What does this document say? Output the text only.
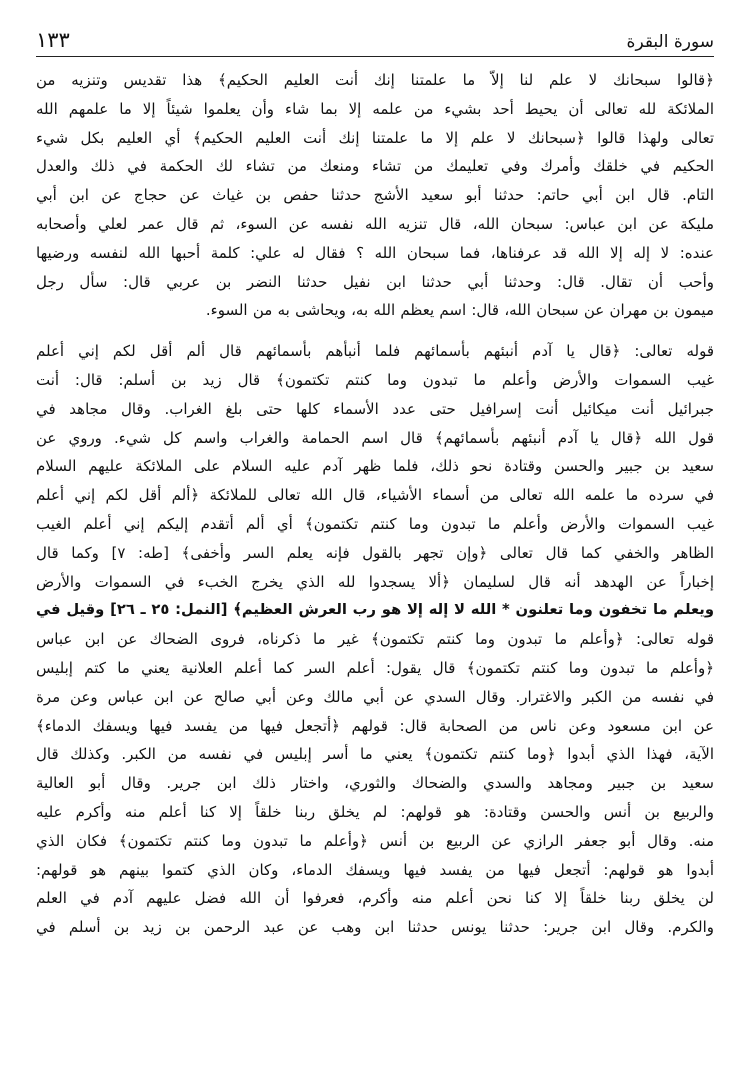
١٣٣	سورة البقرة
﴿قالوا سبحانك لا علم لنا إلاّ ما علمتنا إنك أنت العليم الحكيم﴾ هذا تقديس وتنزيه من
الملائكة لله تعالى أن يحيط أحد بشيء من علمه إلا بما شاء وأن يعلموا شيئاً إلا ما علمهم الله
تعالى ولهذا قالوا ﴿سبحانك لا علم إلا ما علمتنا إنك أنت العليم الحكيم﴾ أي العليم بكل شيء
الحكيم في خلقك وأمرك وفي تعليمك من تشاء ومنعك من تشاء لك الحكمة في ذلك والعدل
التام. قال ابن أبي حاتم: حدثنا أبو سعيد الأشج حدثنا حفص بن غياث عن حجاج عن ابن أبي
مليكة عن ابن عباس: سبحان الله، قال تنزيه الله نفسه عن السوء، ثم قال عمر لعلي وأصحابه
عنده: لا إله إلا الله قد عرفناها، فما سبحان الله ؟ فقال له علي: كلمة أحبها الله لنفسه ورضيها
وأحب أن تقال. قال: وحدثنا أبي حدثنا ابن نفيل حدثنا النضر بن عربي قال: سأل رجل
ميمون بن مهران عن سبحان الله، قال: اسم يعظم الله به، ويحاشى به من السوء.
قوله تعالى: ﴿قال يا آدم أنبئهم بأسمائهم فلما أنبأهم بأسمائهم قال ألم أقل لكم إني أعلم
غيب السموات والأرض وأعلم ما تبدون وما كنتم تكتمون﴾ قال زيد بن أسلم: قال: أنت
جبرائيل أنت ميكائيل أنت إسرافيل حتى عدد الأسماء كلها حتى بلغ الغراب. وقال مجاهد في
قول الله ﴿قال يا آدم أنبئهم بأسمائهم﴾ قال اسم الحمامة والغراب واسم كل شيء. وروي عن
سعيد بن جبير والحسن وقتادة نحو ذلك، فلما ظهر آدم عليه السلام على الملائكة عليهم السلام
في سرده ما علمه الله تعالى من أسماء الأشياء، قال الله تعالى للملائكة ﴿ألم أقل لكم إني أعلم
غيب السموات والأرض وأعلم ما تبدون وما كنتم تكتمون﴾ أي ألم أتقدم إليكم إني أعلم الغيب
الظاهر والخفي كما قال تعالى ﴿وإن تجهر بالقول فإنه يعلم السر وأخفى﴾ [طه: ٧] وكما قال
إخباراً عن الهدهد أنه قال لسليمان ﴿ألا يسجدوا لله الذي يخرج الخبء في السموات والأرض
ويعلم ما تخفون وما تعلنون * الله لا إله إلا هو رب العرش العظيم﴾ [النمل: ٢٥ ـ ٢٦] وقيل في
قوله تعالى: ﴿وأعلم ما تبدون وما كنتم تكتمون﴾ غير ما ذكرناه، فروى الضحاك عن ابن عباس
﴿وأعلم ما تبدون وما كنتم تكتمون﴾ قال يقول: أعلم السر كما أعلم العلانية يعني ما كتم إبليس
في نفسه من الكبر والاغترار. وقال السدي عن أبي مالك وعن أبي صالح عن ابن عباس وعن مرة
عن ابن مسعود وعن ناس من الصحابة قال: قولهم ﴿أتجعل فيها من يفسد فيها ويسفك الدماء﴾
الآية، فهذا الذي أبدوا ﴿وما كنتم تكتمون﴾ يعني ما أسر إبليس في نفسه من الكبر. وكذلك قال
سعيد بن جبير ومجاهد والسدي والضحاك والثوري، واختار ذلك ابن جرير. وقال أبو العالية
والربيع بن أنس والحسن وقتادة: هو قولهم: لم يخلق ربنا خلقاً إلا كنا أعلم منه وأكرم عليه
منه. وقال أبو جعفر الرازي عن الربيع بن أنس ﴿وأعلم ما تبدون وما كنتم تكتمون﴾ فكان الذي
أبدوا هو قولهم: أتجعل فيها من يفسد فيها ويسفك الدماء، وكان الذي كتموا بينهم هو قولهم:
لن يخلق ربنا خلقاً إلا كنا نحن أعلم منه وأكرم، فعرفوا أن الله فضل عليهم آدم في العلم
والكرم. وقال ابن جرير: حدثنا يونس حدثنا ابن وهب عن عبد الرحمن بن زيد بن أسلم في
